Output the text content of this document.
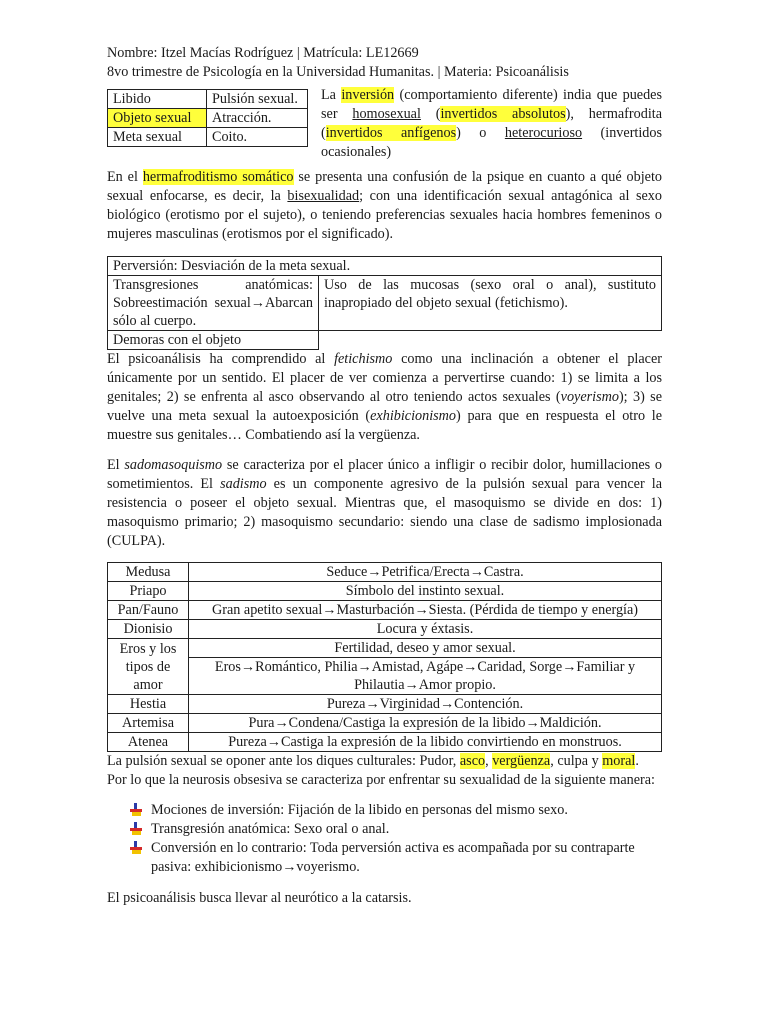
Nombre: Itzel Macías Rodríguez | Matrícula: LE12669

8vo trimestre de Psicología en la Universidad Humanitas. | Materia: Psicoanálisis

Libido	Pulsión sexual.
Objeto sexual	Atracción.
Meta sexual	Coito.

La inversión (comportamiento diferente) india que puedes ser homosexual (invertidos absolutos), hermafrodita (invertidos anfígenos) o heterocurioso (invertidos ocasionales)

En el hermafroditismo somático se presenta una confusión de la psique en cuanto a qué objeto sexual enfocarse, es decir, la bisexualidad; con una identificación sexual antagónica al sexo biológico (erotismo por el sujeto), o teniendo preferencias sexuales hacia hombres femeninos o mujeres masculinas (erotismos por el significado).

Perversión: Desviación de la meta sexual.	
Transgresiones anatómicas: Sobreestimación sexual→Abarcan sólo al cuerpo.	Uso de las mucosas (sexo oral o anal), sustituto inapropiado del objeto sexual (fetichismo).
Demoras con el objeto	

El psicoanálisis ha comprendido al fetichismo como una inclinación a obtener el placer únicamente por un sentido. El placer de ver comienza a pervertirse cuando: 1) se limita a los genitales; 2) se enfrenta al asco observando al otro teniendo actos sexuales (voyerismo); 3) se vuelve una meta sexual la autoexposición (exhibicionismo) para que en respuesta el otro le muestre sus genitales… Combatiendo así la vergüenza.

El sadomasoquismo se caracteriza por el placer único a infligir o recibir dolor, humillaciones o sometimientos. El sadismo es un componente agresivo de la pulsión sexual para vencer la resistencia o poseer el objeto sexual. Mientras que, el masoquismo se divide en dos: 1) masoquismo primario; 2) masoquismo secundario: siendo una clase de sadismo implosionada (CULPA).

Medusa	Seduce→Petrifica/Erecta→Castra.
Priapo	Símbolo del instinto sexual.
Pan/Fauno	Gran apetito sexual→Masturbación→Siesta. (Pérdida de tiempo y energía)
Dionisio	Locura y éxtasis.
Eros y los tipos de amor	Fertilidad, deseo y amor sexual.
	Eros→Romántico, Philia→Amistad, Agápe→Caridad, Sorge→Familiar y Philautia→Amor propio.
Hestia	Pureza→Virginidad→Contención.
Artemisa	Pura→Condena/Castiga la expresión de la libido→Maldición.
Atenea	Pureza→Castiga la expresión de la libido convirtiendo en monstruos.

La pulsión sexual se oponer ante los diques culturales: Pudor, asco, vergüenza, culpa y moral.

Por lo que la neurosis obsesiva se caracteriza por enfrentar su sexualidad de la siguiente manera:

Mociones de inversión: Fijación de la libido en personas del mismo sexo.
Transgresión anatómica: Sexo oral o anal.
Conversión en lo contrario: Toda perversión activa es acompañada por su contraparte pasiva: exhibicionismo→voyerismo.

El psicoanálisis busca llevar al neurótico a la catarsis.
